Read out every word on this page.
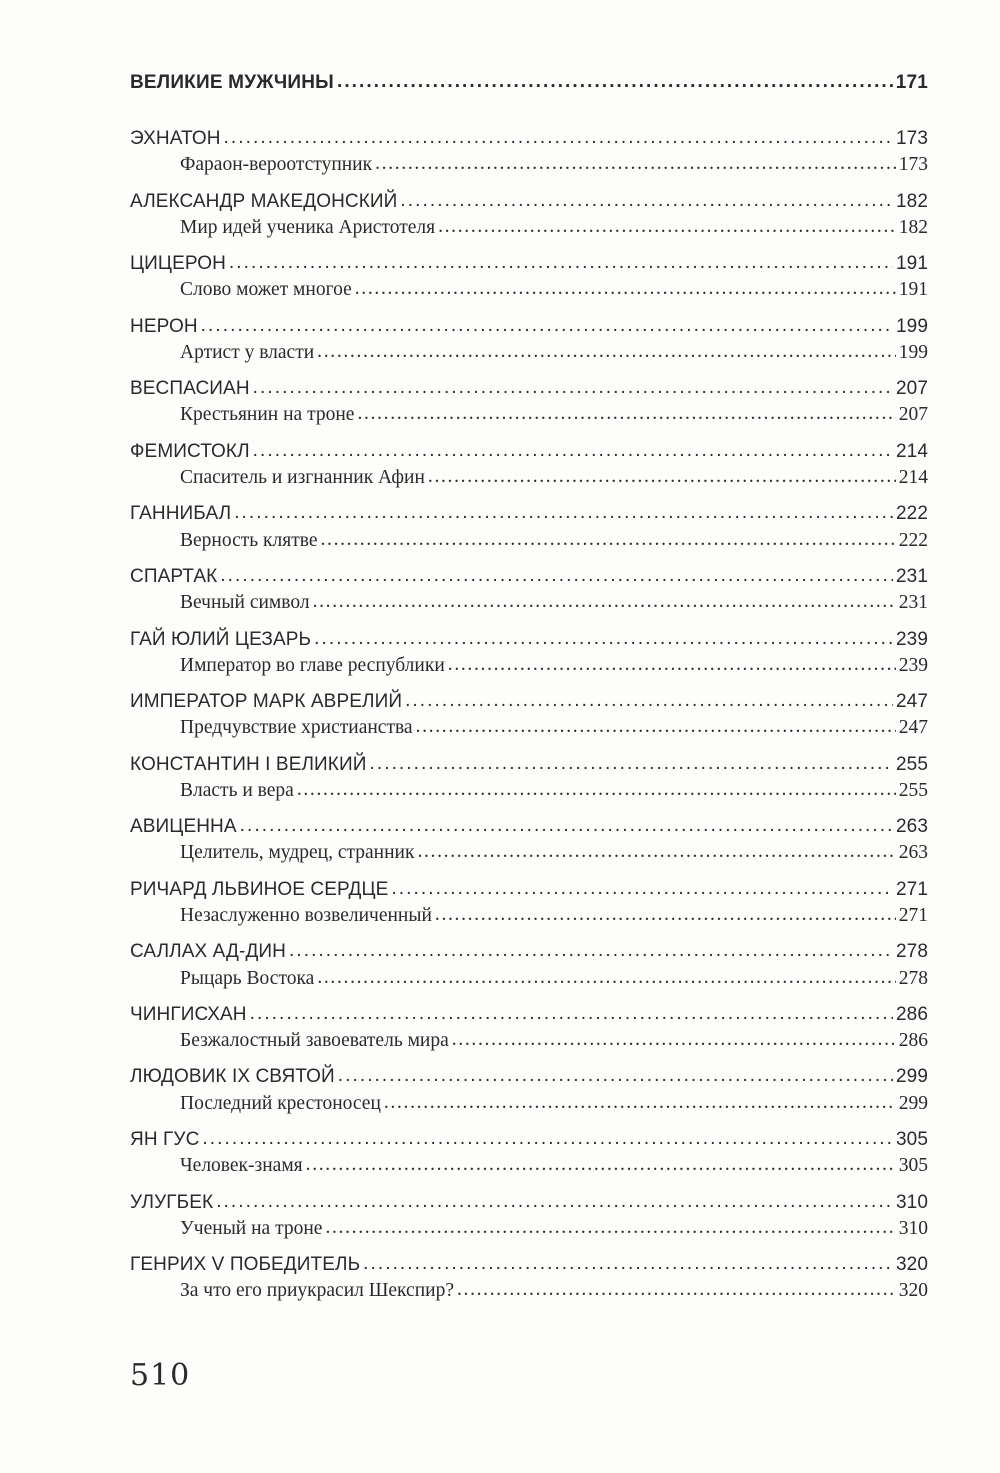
ВЕЛИКИЕ МУЖЧИНЫ . . .	171
ЭХНАТОН . . .	173
Фараон-вероотступник . . .	173
АЛЕКСАНДР МАКЕДОНСКИЙ . . .	182
Мир идей ученика Аристотеля . . .	182
ЦИЦЕРОН . . .	191
Слово может многое . . .	191
НЕРОН . . .	199
Артист у власти . . .	199
ВЕСПАСИАН . . .	207
Крестьянин на троне . . .	207
ФЕМИСТОКЛ . . .	214
Спаситель и изгнанник Афин . . .	214
ГАННИБАЛ . . .	222
Верность клятве . . .	222
СПАРТАК . . .	231
Вечный символ . . .	231
ГАЙ ЮЛИЙ ЦЕЗАРЬ . . .	239
Император во главе республики . . .	239
ИМПЕРАТОР МАРК АВРЕЛИЙ . . .	247
Предчувствие христианства . . .	247
КОНСТАНТИН I ВЕЛИКИЙ . . .	255
Власть и вера . . .	255
АВИЦЕННА . . .	263
Целитель, мудрец, странник . . .	263
РИЧАРД ЛЬВИНОЕ СЕРДЦЕ . . .	271
Незаслуженно возвеличенный . . .	271
САЛЛАХ АД-ДИН . . .	278
Рыцарь Востока . . .	278
ЧИНГИСХАН . . .	286
Безжалостный завоеватель мира . . .	286
ЛЮДОВИК IX СВЯТОЙ . . .	299
Последний крестоносец . . .	299
ЯН ГУС . . .	305
Человек-знамя . . .	305
УЛУГБЕК . . .	310
Ученый на троне . . .	310
ГЕНРИХ V ПОБЕДИТЕЛЬ . . .	320
За что его приукрасил Шекспир? . . .	320
510
